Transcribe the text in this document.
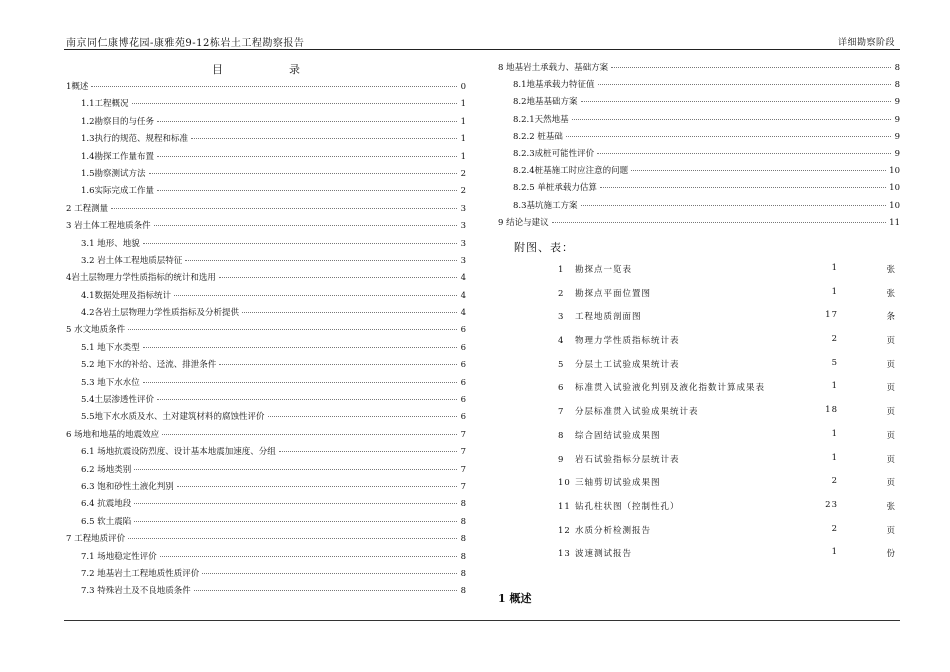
南京同仁康博花园-康雅苑9-12栋岩土工程勘察报告	详细勘察阶段
目	录
1概述	0
1.1工程概况	1
1.2勘察目的与任务	1
1.3执行的规范、规程和标准	1
1.4勘探工作量布置	1
1.5勘察测试方法	2
1.6实际完成工作量	2
2 工程测量	3
3 岩土体工程地质条件	3
3.1 地形、地貌	3
3.2 岩土体工程地质层特征	3
4岩土层物理力学性质指标的统计和选用	4
4.1数据处理及指标统计	4
4.2各岩土层物理力学性质指标及分析提供	4
5 水文地质条件	6
5.1 地下水类型	6
5.2 地下水的补给、迳流、排泄条件	6
5.3 地下水水位	6
5.4土层渗透性评价	6
5.5地下水水质及水、土对建筑材料的腐蚀性评价	6
6 场地和地基的地震效应	7
6.1 场地抗震设防烈度、设计基本地震加速度、分组	7
6.2 场地类别	7
6.3 饱和砂性土液化判别	7
6.4 抗震地段	8
6.5 软土震陷	8
7 工程地质评价	8
7.1 场地稳定性评价	8
7.2 地基岩土工程地质性质评价	8
7.3 特殊岩土及不良地质条件	8
8 地基岩土承载力、基础方案	8
8.1地基承载力特征值	8
8.2地基基础方案	9
8.2.1天然地基	9
8.2.2 桩基础	9
8.2.3成桩可能性评价	9
8.2.4桩基施工时应注意的问题	10
8.2.5 单桩承载力估算	10
8.3基坑施工方案	10
9 结论与建议	11
附图、表：
1 勘探点一览表	1	张
2 勘探点平面位置图	1	张
3 工程地质剖面图	17	条
4 物理力学性质指标统计表	2	页
5 分层土工试验成果统计表	5	页
6 标准贯入试验液化判别及液化指数计算成果表	1	页
7 分层标准贯入试验成果统计表	18	页
8 综合固结试验成果图	1	页
9 岩石试验指标分层统计表	1	页
10 三轴剪切试验成果图	2	页
11 钻孔柱状图（控制性孔）	23	张
12 水质分析检测报告	2	页
13 波速测试报告	1	份
1 概述
